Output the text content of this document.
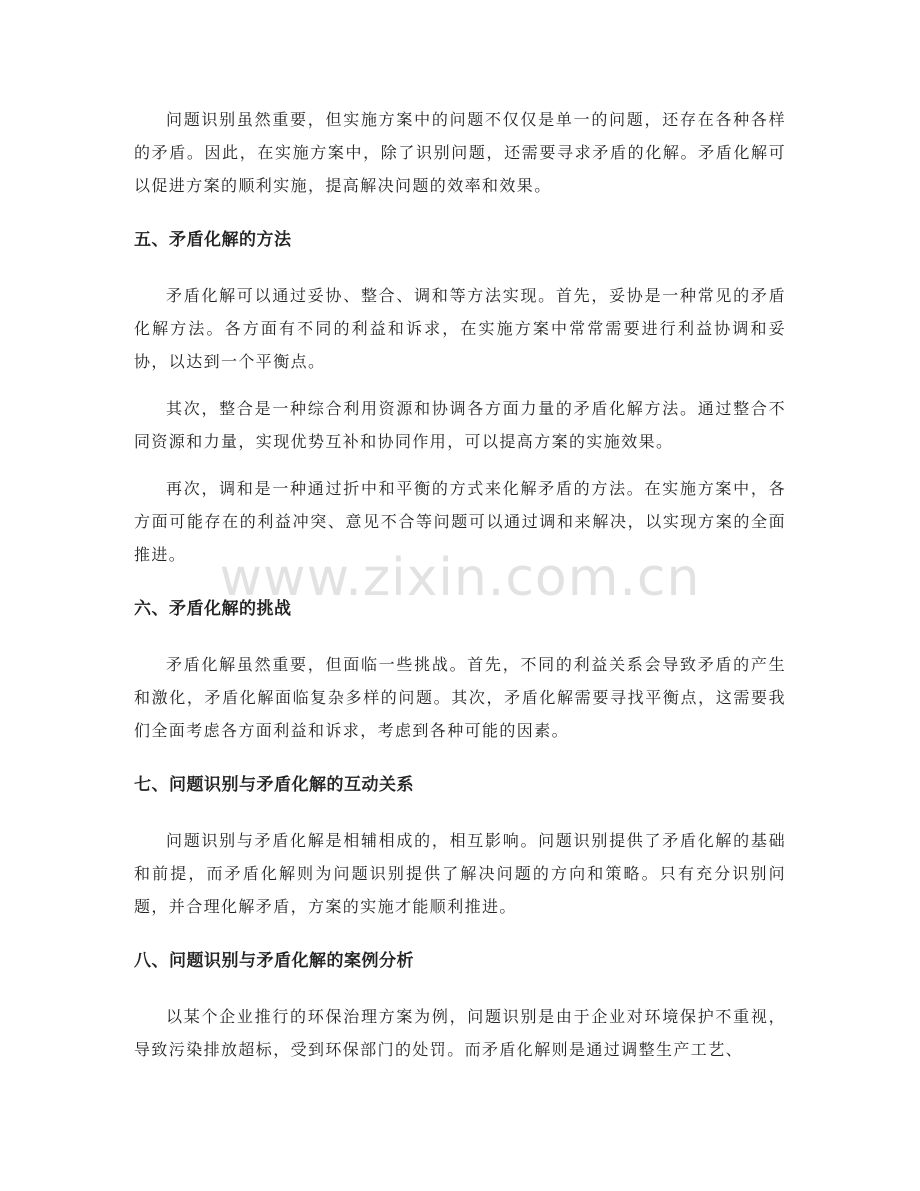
问题识别虽然重要，但实施方案中的问题不仅仅是单一的问题，还存在各种各样的矛盾。因此，在实施方案中，除了识别问题，还需要寻求矛盾的化解。矛盾化解可以促进方案的顺利实施，提高解决问题的效率和效果。

五、矛盾化解的方法

矛盾化解可以通过妥协、整合、调和等方法实现。首先，妥协是一种常见的矛盾化解方法。各方面有不同的利益和诉求，在实施方案中常常需要进行利益协调和妥协，以达到一个平衡点。

其次，整合是一种综合利用资源和协调各方面力量的矛盾化解方法。通过整合不同资源和力量，实现优势互补和协同作用，可以提高方案的实施效果。

再次，调和是一种通过折中和平衡的方式来化解矛盾的方法。在实施方案中，各方面可能存在的利益冲突、意见不合等问题可以通过调和来解决，以实现方案的全面推进。

六、矛盾化解的挑战

矛盾化解虽然重要，但面临一些挑战。首先，不同的利益关系会导致矛盾的产生和激化，矛盾化解面临复杂多样的问题。其次，矛盾化解需要寻找平衡点，这需要我们全面考虑各方面利益和诉求，考虑到各种可能的因素。

七、问题识别与矛盾化解的互动关系

问题识别与矛盾化解是相辅相成的，相互影响。问题识别提供了矛盾化解的基础和前提，而矛盾化解则为问题识别提供了解决问题的方向和策略。只有充分识别问题，并合理化解矛盾，方案的实施才能顺利推进。

八、问题识别与矛盾化解的案例分析

以某个企业推行的环保治理方案为例，问题识别是由于企业对环境保护不重视，导致污染排放超标，受到环保部门的处罚。而矛盾化解则是通过调整生产工艺、

www.zixin.com.cn
